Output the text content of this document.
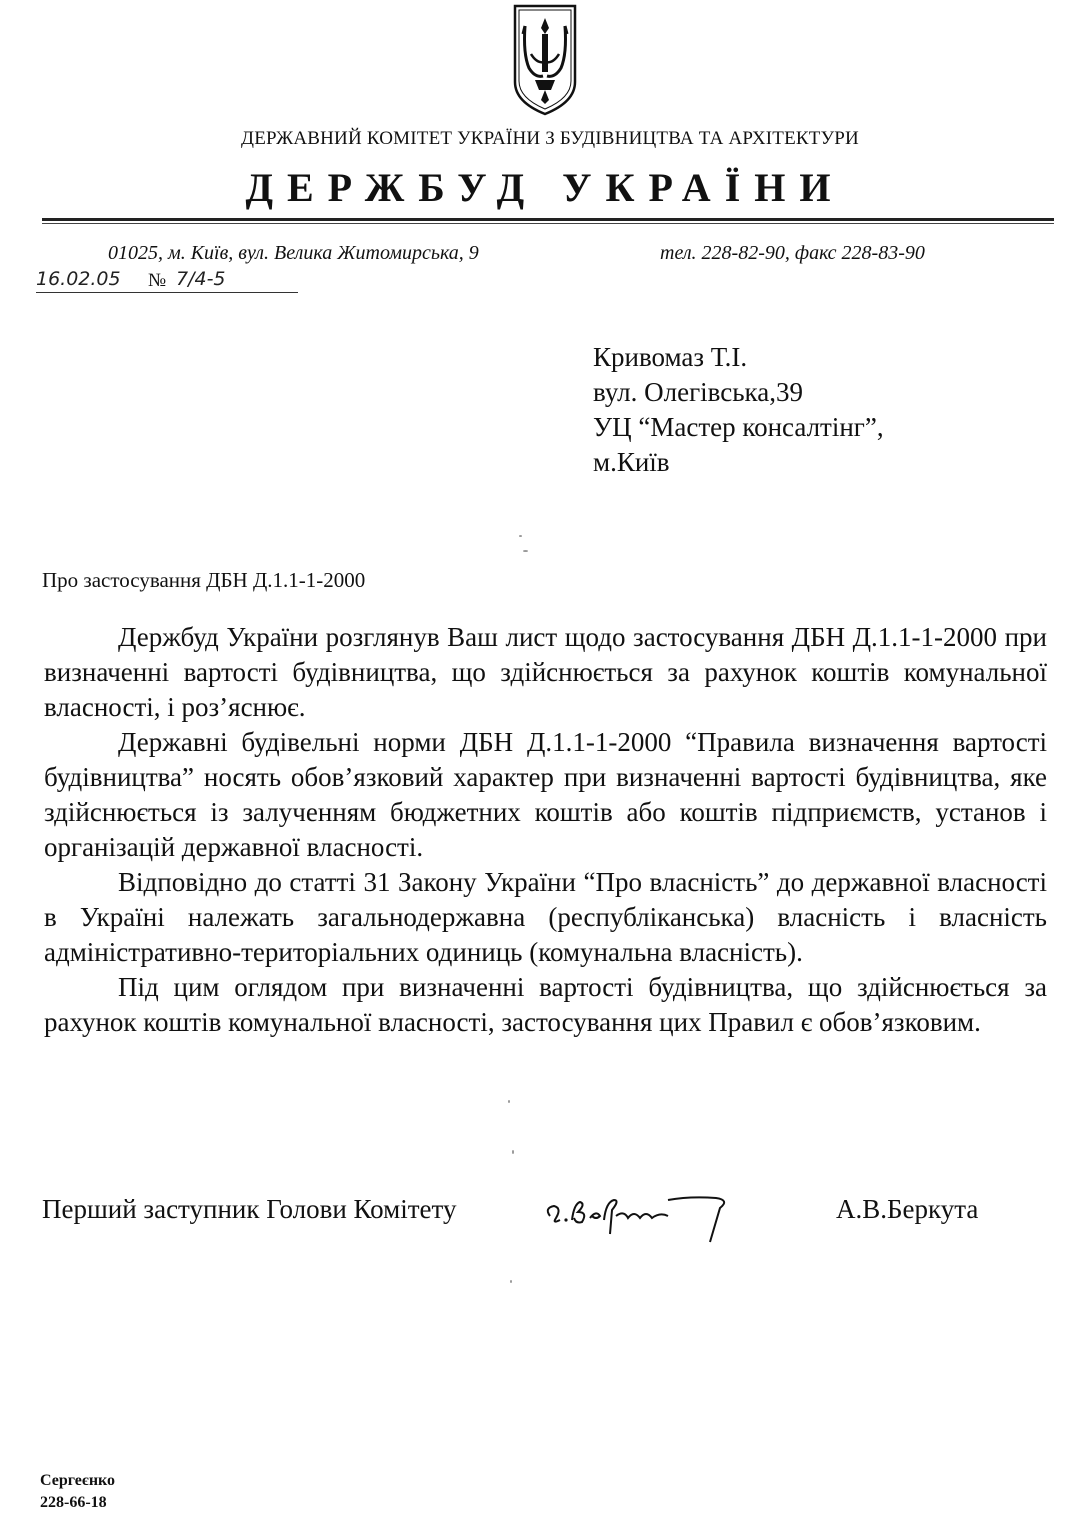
ДЕРЖАВНИЙ КОМІТЕТ УКРАЇНИ З БУДІВНИЦТВА ТА АРХІТЕКТУРИ
ДЕРЖБУД УКРАЇНИ
01025, м. Київ, вул. Велика Житомирська, 9	тел. 228-82-90, факс 228-83-90
16.02.05 № 7/4-5
Кривомаз Т.І.
вул. Олегівська,39
УЦ “Мастер консалтінг”,
м.Київ
Про застосування ДБН Д.1.1-1-2000

Держбуд України розглянув Ваш лист щодо застосування ДБН Д.1.1-1-2000 при визначенні вартості будівництва, що здійснюється за рахунок коштів комунальної власності, і роз’яснює.

Державні будівельні норми ДБН Д.1.1-1-2000 “Правила визначення вартості будівництва” носять обов’язковий характер при визначенні вартості будівництва, яке здійснюється із залученням бюджетних коштів або коштів підприємств, установ і організацій державної власності.

Відповідно до статті 31 Закону України “Про власність” до державної власності в Україні належать загальнодержавна (республіканська) власність і власність адміністративно-територіальних одиниць (комунальна власність).

Під цим оглядом при визначенні вартості будівництва, що здійснюється за рахунок коштів комунальної власності, застосування цих Правил є обов’язковим.

Перший заступник Голови Комітету	А.В.Беркута
Сергеєнко
228-66-18
